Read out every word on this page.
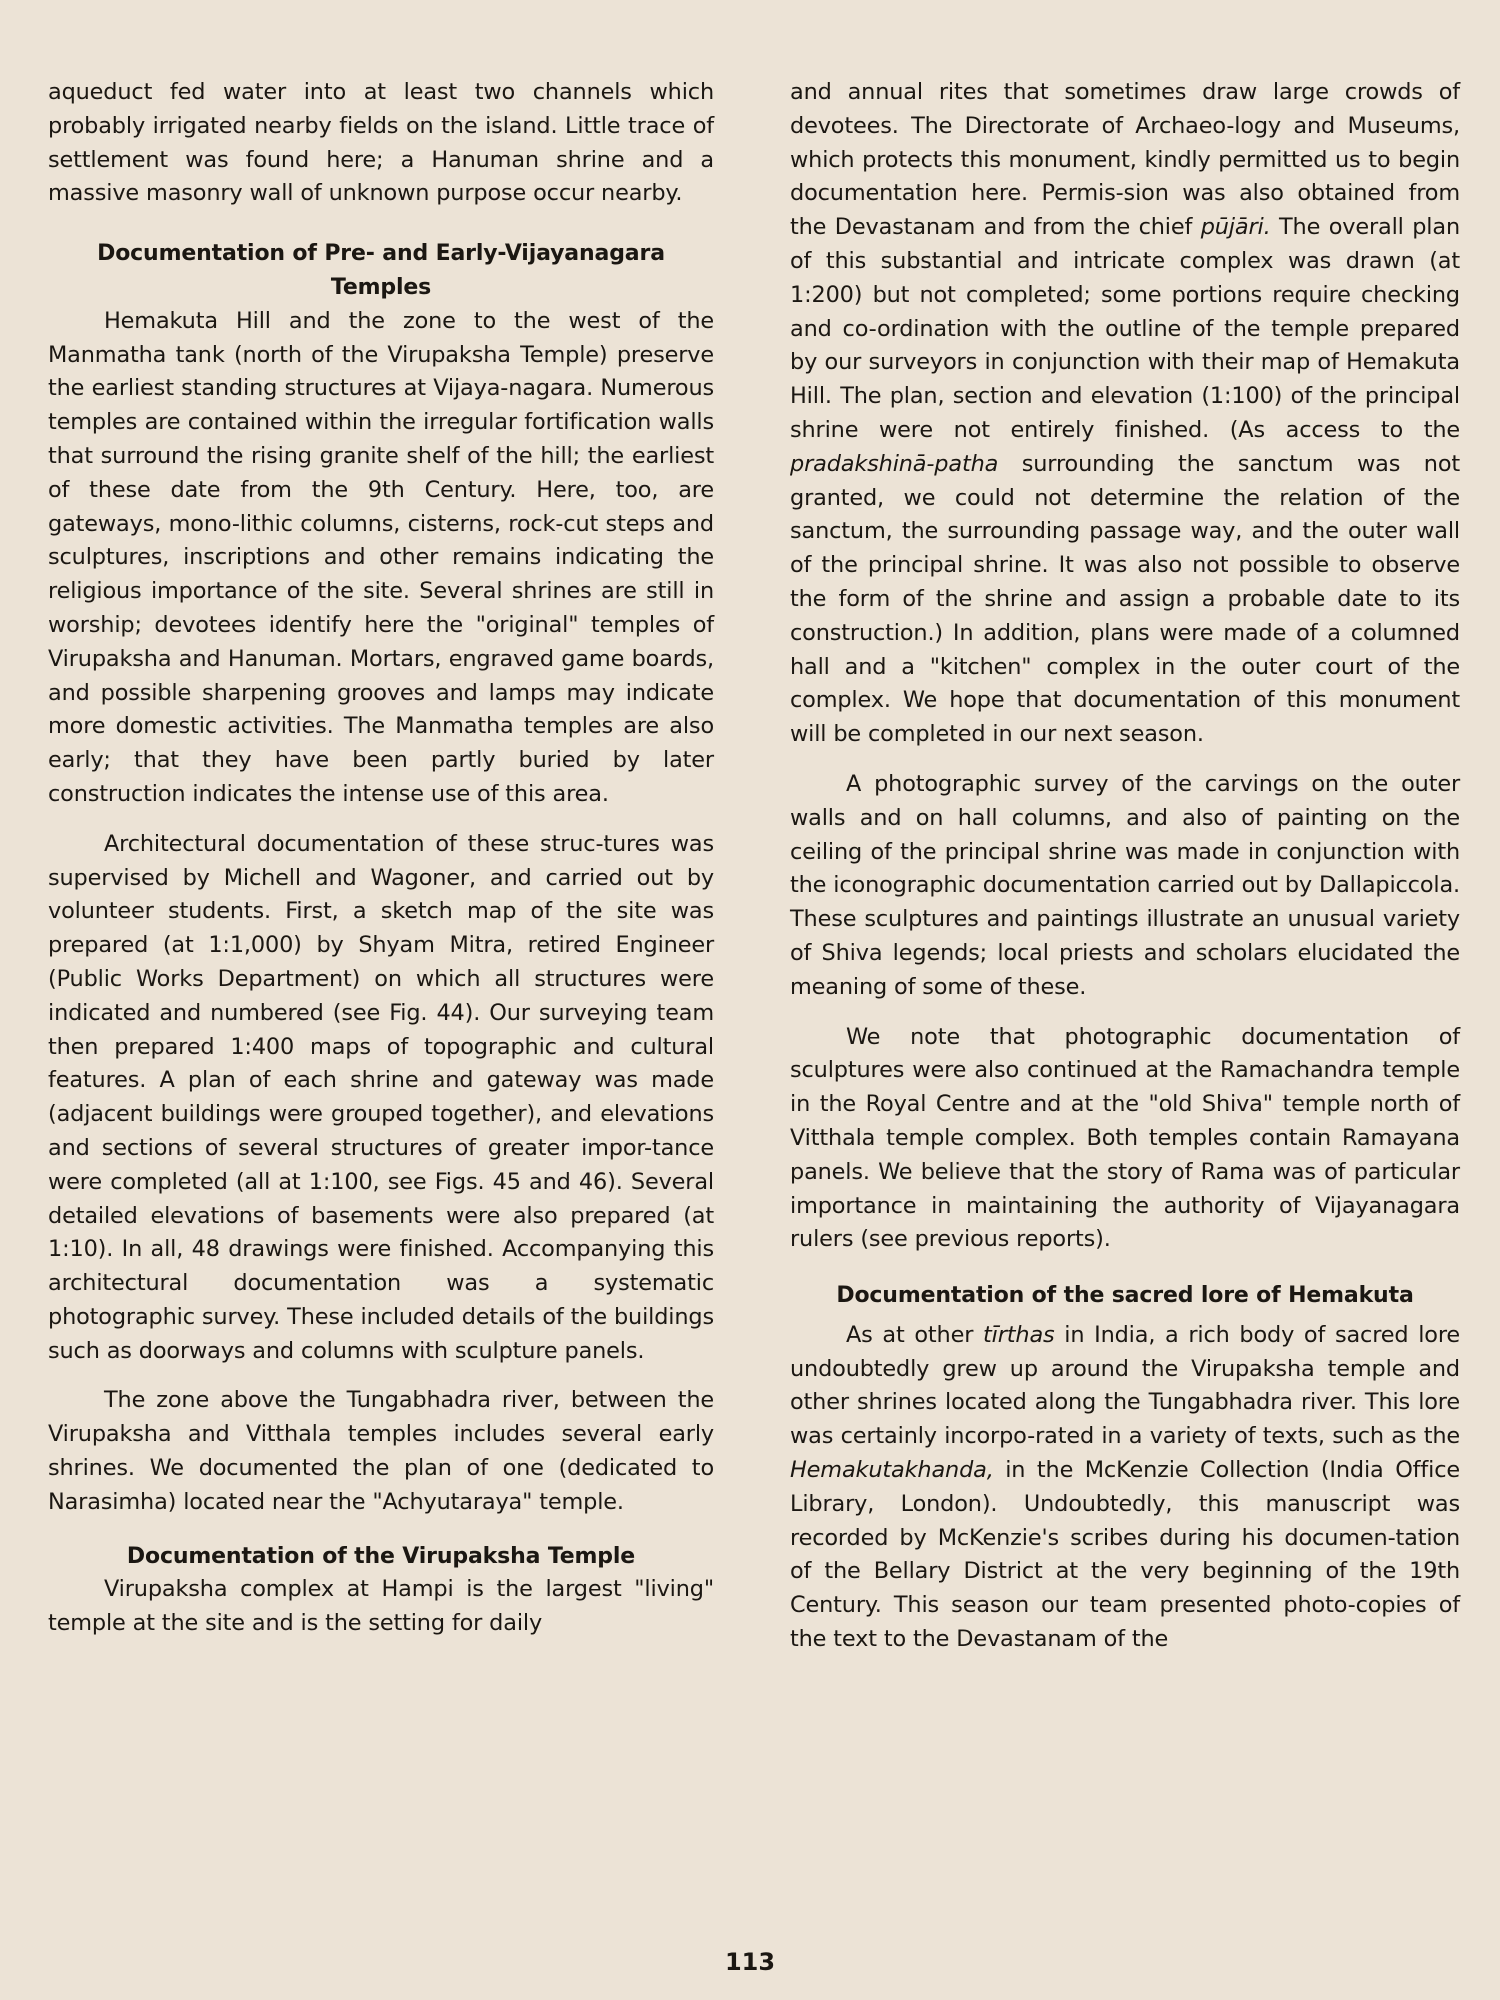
aqueduct fed water into at least two channels which probably irrigated nearby fields on the island. Little trace of settlement was found here; a Hanuman shrine and a massive masonry wall of unknown purpose occur nearby.

Documentation of Pre- and Early-Vijayanagara Temples

Hemakuta Hill and the zone to the west of the Manmatha tank (north of the Virupaksha Temple) preserve the earliest standing structures at Vijaya-nagara. Numerous temples are contained within the irregular fortification walls that surround the rising granite shelf of the hill; the earliest of these date from the 9th Century. Here, too, are gateways, mono-lithic columns, cisterns, rock-cut steps and sculptures, inscriptions and other remains indicating the religious importance of the site. Several shrines are still in worship; devotees identify here the "original" temples of Virupaksha and Hanuman. Mortars, engraved game boards, and possible sharpening grooves and lamps may indicate more domestic activities. The Manmatha temples are also early; that they have been partly buried by later construction indicates the intense use of this area.

Architectural documentation of these struc-tures was supervised by Michell and Wagoner, and carried out by volunteer students. First, a sketch map of the site was prepared (at 1:1,000) by Shyam Mitra, retired Engineer (Public Works Department) on which all structures were indicated and numbered (see Fig. 44). Our surveying team then prepared 1:400 maps of topographic and cultural features. A plan of each shrine and gateway was made (adjacent buildings were grouped together), and elevations and sections of several structures of greater impor-tance were completed (all at 1:100, see Figs. 45 and 46). Several detailed elevations of basements were also prepared (at 1:10). In all, 48 drawings were finished. Accompanying this architectural documentation was a systematic photographic survey. These included details of the buildings such as doorways and columns with sculpture panels.

The zone above the Tungabhadra river, between the Virupaksha and Vitthala temples includes several early shrines. We documented the plan of one (dedicated to Narasimha) located near the "Achyutaraya" temple.

Documentation of the Virupaksha Temple

Virupaksha complex at Hampi is the largest "living" temple at the site and is the setting for daily

and annual rites that sometimes draw large crowds of devotees. The Directorate of Archaeo-logy and Museums, which protects this monument, kindly permitted us to begin documentation here. Permis-sion was also obtained from the Devastanam and from the chief pūjāri. The overall plan of this substantial and intricate complex was drawn (at 1:200) but not completed; some portions require checking and co-ordination with the outline of the temple prepared by our surveyors in conjunction with their map of Hemakuta Hill. The plan, section and elevation (1:100) of the principal shrine were not entirely finished. (As access to the pradakshinā-patha surrounding the sanctum was not granted, we could not determine the relation of the sanctum, the surrounding passage way, and the outer wall of the principal shrine. It was also not possible to observe the form of the shrine and assign a probable date to its construction.) In addition, plans were made of a columned hall and a "kitchen" complex in the outer court of the complex. We hope that documentation of this monument will be completed in our next season.

A photographic survey of the carvings on the outer walls and on hall columns, and also of painting on the ceiling of the principal shrine was made in conjunction with the iconographic documentation carried out by Dallapiccola. These sculptures and paintings illustrate an unusual variety of Shiva legends; local priests and scholars elucidated the meaning of some of these.

We note that photographic documentation of sculptures were also continued at the Ramachandra temple in the Royal Centre and at the "old Shiva" temple north of Vitthala temple complex. Both temples contain Ramayana panels. We believe that the story of Rama was of particular importance in maintaining the authority of Vijayanagara rulers (see previous reports).

Documentation of the sacred lore of Hemakuta

As at other tīrthas in India, a rich body of sacred lore undoubtedly grew up around the Virupaksha temple and other shrines located along the Tungabhadra river. This lore was certainly incorpo-rated in a variety of texts, such as the Hemakutakhanda, in the McKenzie Collection (India Office Library, London). Undoubtedly, this manuscript was recorded by McKenzie's scribes during his documen-tation of the Bellary District at the very beginning of the 19th Century. This season our team presented photo-copies of the text to the Devastanam of the

113
